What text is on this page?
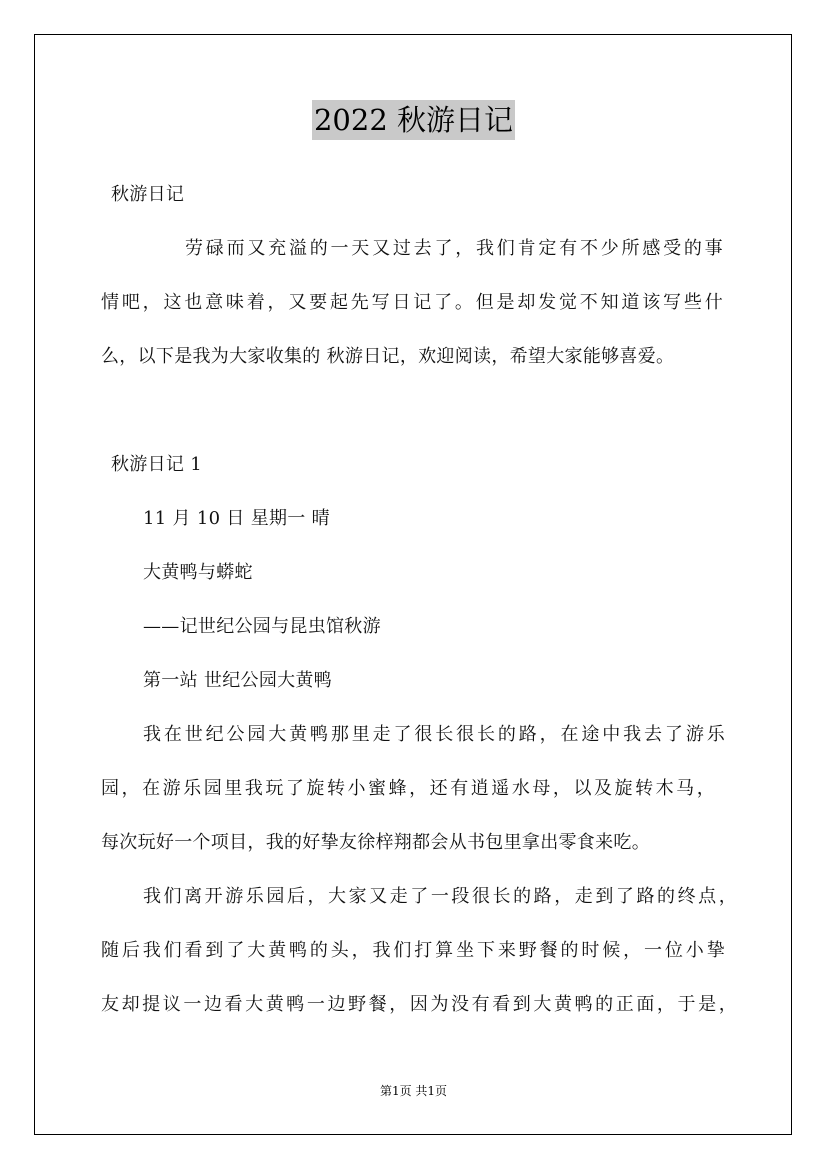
2022 秋游日记
秋游日记
劳碌而又充溢的一天又过去了，我们肯定有不少所感受的事
情吧，这也意味着，又要起先写日记了。但是却发觉不知道该写些什
么，以下是我为大家收集的 秋游日记，欢迎阅读，希望大家能够喜爱。
秋游日记 1
11 月 10 日 星期一 晴
大黄鸭与蟒蛇
——记世纪公园与昆虫馆秋游
第一站 世纪公园大黄鸭
我在世纪公园大黄鸭那里走了很长很长的路，在途中我去了游乐
园，在游乐园里我玩了旋转小蜜蜂，还有逍遥水母，以及旋转木马，
每次玩好一个项目，我的好挚友徐梓翔都会从书包里拿出零食来吃。
我们离开游乐园后，大家又走了一段很长的路，走到了路的终点，
随后我们看到了大黄鸭的头，我们打算坐下来野餐的时候，一位小挚
友却提议一边看大黄鸭一边野餐，因为没有看到大黄鸭的正面，于是，
第1页 共1页
